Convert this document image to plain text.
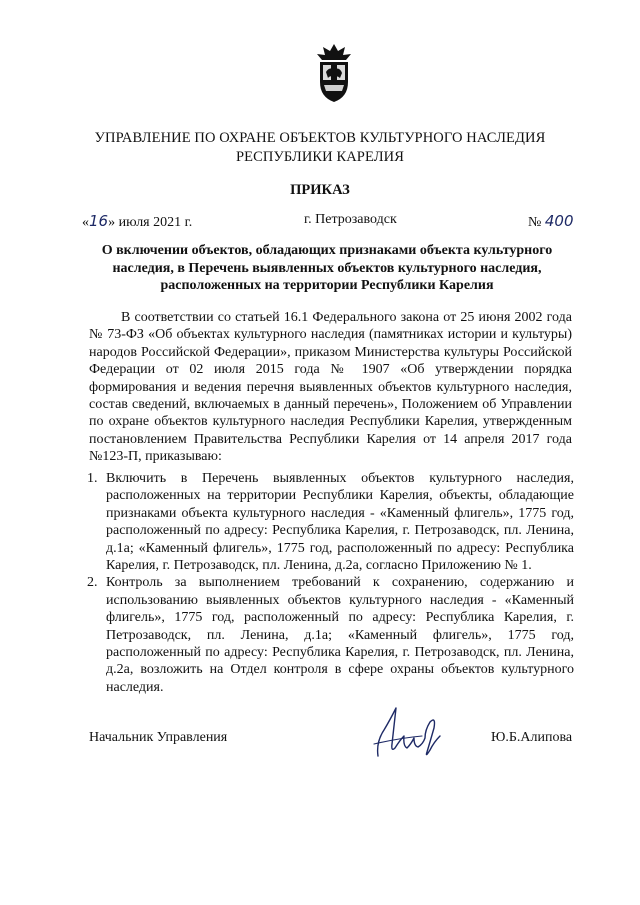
УПРАВЛЕНИЕ ПО ОХРАНЕ ОБЪЕКТОВ КУЛЬТУРНОГО НАСЛЕДИЯ
РЕСПУБЛИКИ КАРЕЛИЯ
ПРИКАЗ
«16» июля 2021 г.	г. Петрозаводск	№ 400
О включении объектов, обладающих признаками объекта культурного
наследия, в Перечень выявленных объектов культурного наследия,
расположенных на территории Республики Карелия
В соответствии со статьей 16.1 Федерального закона от 25 июня 2002 года № 73-ФЗ «Об объектах культурного наследия (памятниках истории и культуры) народов Российской Федерации», приказом Министерства культуры Российской Федерации от 02 июля 2015 года № 1907 «Об утверждении порядка формирования и ведения перечня выявленных объектов культурного наследия, состав сведений, включаемых в данный перечень», Положением об Управлении по охране объектов культурного наследия Республики Карелия, утвержденным постановлением Правительства Республики Карелия от 14 апреля 2017 года №123-П, приказываю:
1. Включить в Перечень выявленных объектов культурного наследия, расположенных на территории Республики Карелия, объекты, обладающие признаками объекта культурного наследия - «Каменный флигель», 1775 год, расположенный по адресу: Республика Карелия, г. Петрозаводск, пл. Ленина, д.1а; «Каменный флигель», 1775 год, расположенный по адресу: Республика Карелия, г. Петрозаводск, пл. Ленина, д.2а, согласно Приложению № 1.
2. Контроль за выполнением требований к сохранению, содержанию и использованию выявленных объектов культурного наследия - «Каменный флигель», 1775 год, расположенный по адресу: Республика Карелия, г. Петрозаводск, пл. Ленина, д.1а; «Каменный флигель», 1775 год, расположенный по адресу: Республика Карелия, г. Петрозаводск, пл. Ленина, д.2а, возложить на Отдел контроля в сфере охраны объектов культурного наследия.
Начальник Управления	Ю.Б.Алипова
